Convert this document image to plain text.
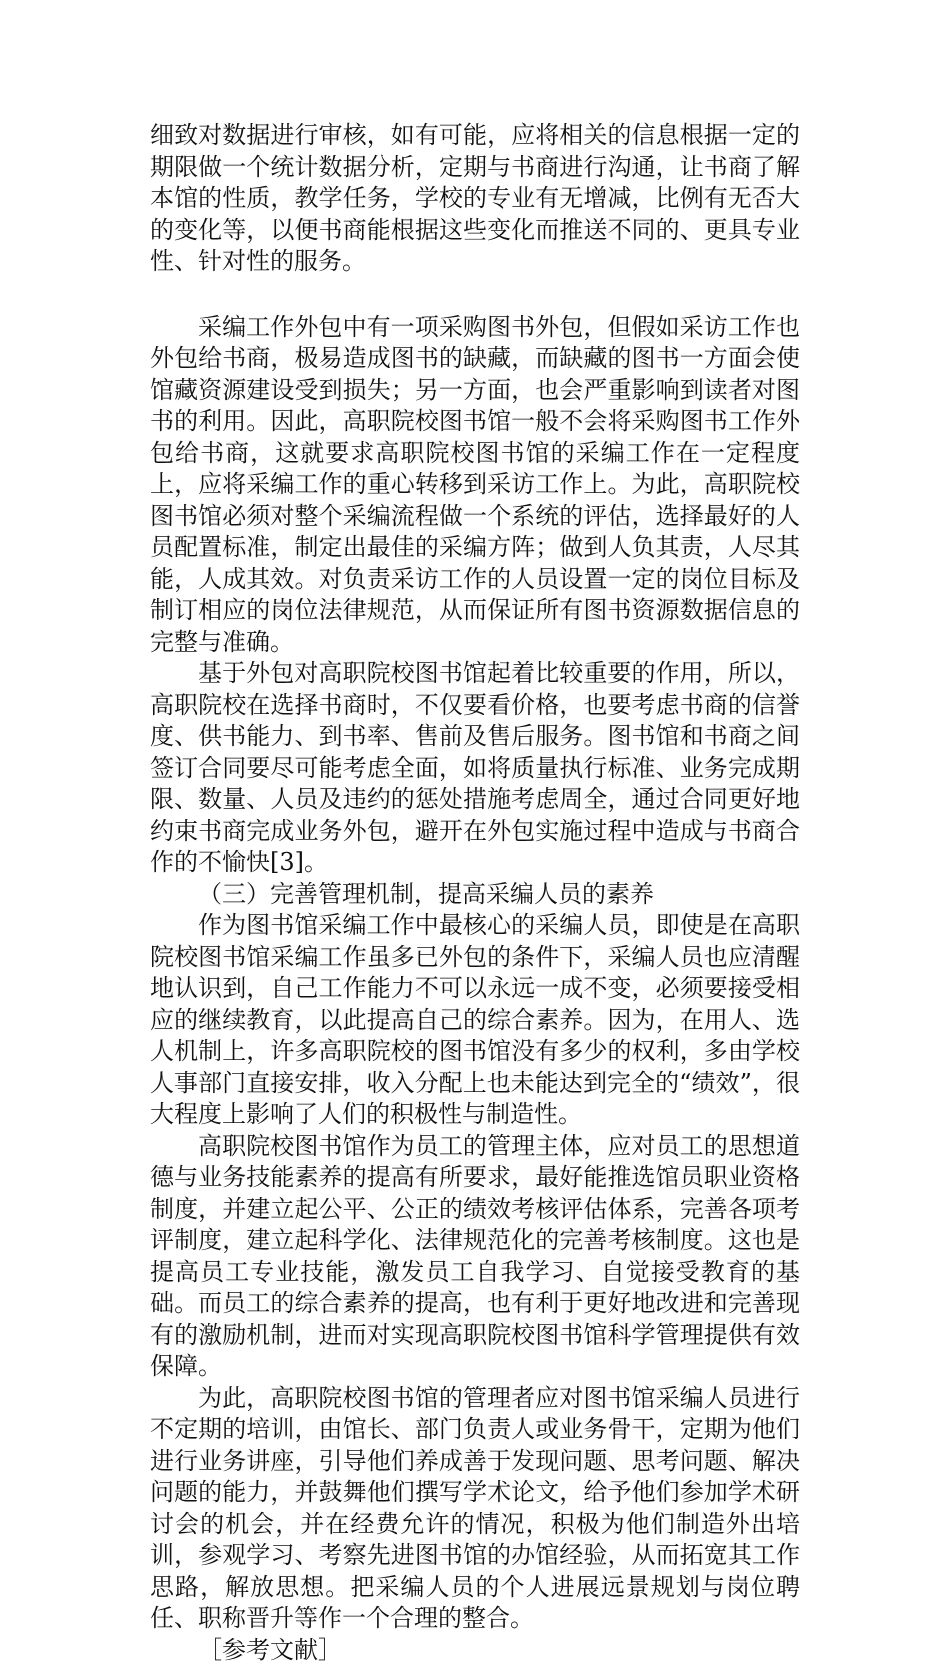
细致对数据进行审核，如有可能，应将相关的信息根据一定的期限做一个统计数据分析，定期与书商进行沟通，让书商了解本馆的性质，教学任务，学校的专业有无增减，比例有无否大的变化等，以便书商能根据这些变化而推送不同的、更具专业性、针对性的服务。

采编工作外包中有一项采购图书外包，但假如采访工作也外包给书商，极易造成图书的缺藏，而缺藏的图书一方面会使馆藏资源建设受到损失；另一方面，也会严重影响到读者对图书的利用。因此，高职院校图书馆一般不会将采购图书工作外包给书商，这就要求高职院校图书馆的采编工作在一定程度上，应将采编工作的重心转移到采访工作上。为此，高职院校图书馆必须对整个采编流程做一个系统的评估，选择最好的人员配置标准，制定出最佳的采编方阵；做到人负其责，人尽其能，人成其效。对负责采访工作的人员设置一定的岗位目标及制订相应的岗位法律规范，从而保证所有图书资源数据信息的完整与准确。

基于外包对高职院校图书馆起着比较重要的作用，所以，高职院校在选择书商时，不仅要看价格，也要考虑书商的信誉度、供书能力、到书率、售前及售后服务。图书馆和书商之间签订合同要尽可能考虑全面，如将质量执行标准、业务完成期限、数量、人员及违约的惩处措施考虑周全，通过合同更好地约束书商完成业务外包，避开在外包实施过程中造成与书商合作的不愉快[3]。

（三）完善管理机制，提高采编人员的素养

作为图书馆采编工作中最核心的采编人员，即使是在高职院校图书馆采编工作虽多已外包的条件下，采编人员也应清醒地认识到，自己工作能力不可以永远一成不变，必须要接受相应的继续教育，以此提高自己的综合素养。因为，在用人、选人机制上，许多高职院校的图书馆没有多少的权利，多由学校人事部门直接安排，收入分配上也未能达到完全的“绩效”，很大程度上影响了人们的积极性与制造性。

高职院校图书馆作为员工的管理主体，应对员工的思想道德与业务技能素养的提高有所要求，最好能推选馆员职业资格制度，并建立起公平、公正的绩效考核评估体系，完善各项考评制度，建立起科学化、法律规范化的完善考核制度。这也是提高员工专业技能，激发员工自我学习、自觉接受教育的基础。而员工的综合素养的提高，也有利于更好地改进和完善现有的激励机制，进而对实现高职院校图书馆科学管理提供有效保障。

为此，高职院校图书馆的管理者应对图书馆采编人员进行不定期的培训，由馆长、部门负责人或业务骨干，定期为他们进行业务讲座，引导他们养成善于发现问题、思考问题、解决问题的能力，并鼓舞他们撰写学术论文，给予他们参加学术研讨会的机会，并在经费允许的情况，积极为他们制造外出培训，参观学习、考察先进图书馆的办馆经验，从而拓宽其工作思路，解放思想。把采编人员的个人进展远景规划与岗位聘任、职称晋升等作一个合理的整合。

［参考文献］
